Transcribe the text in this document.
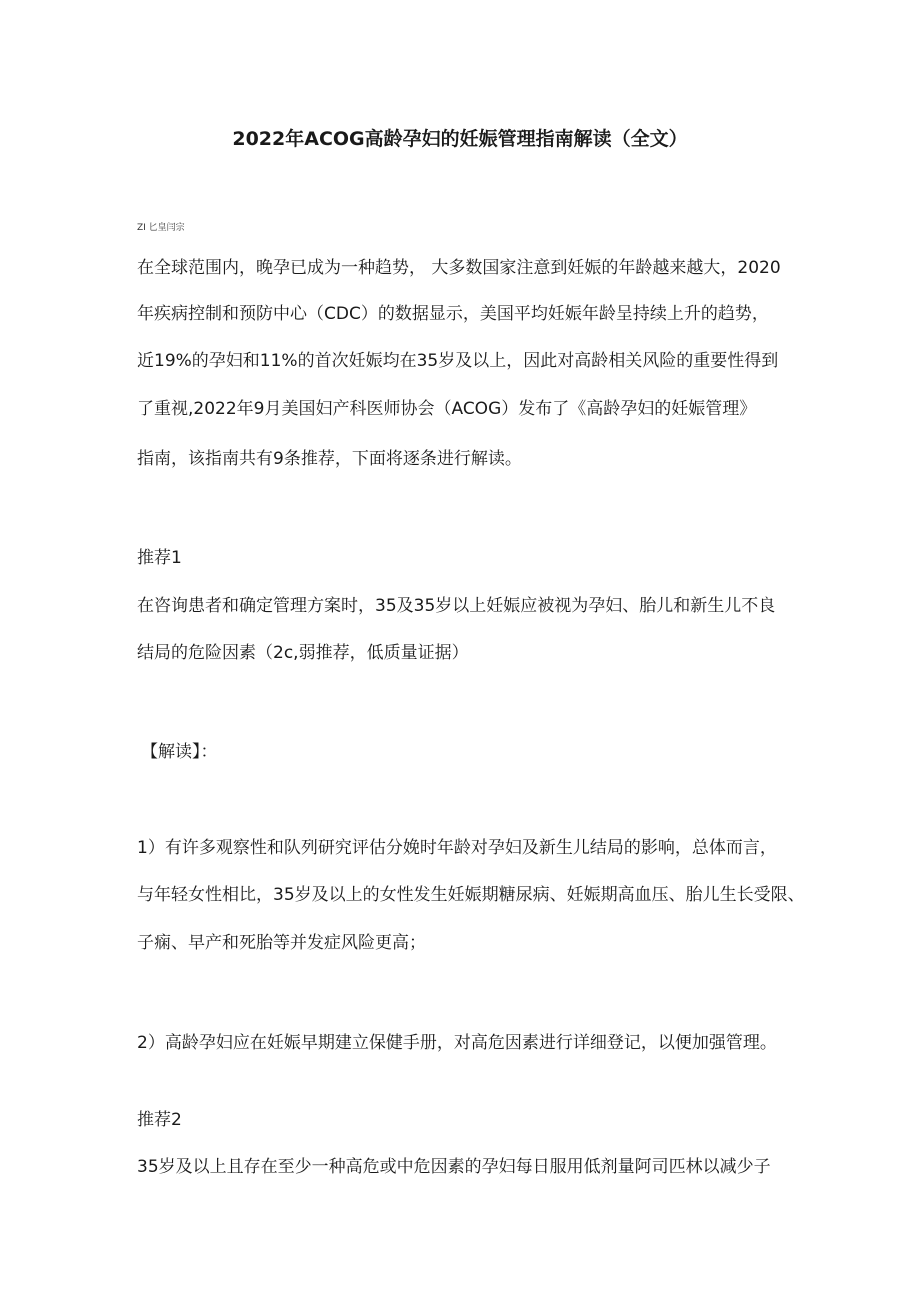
2022年ACOG高龄孕妇的妊娠管理指南解读（全文）
ZI 匕皇闫宗
在全球范围内，晚孕已成为一种趋势， 大多数国家注意到妊娠的年龄越来越大，2020
年疾病控制和预防中心（CDC）的数据显示，美国平均妊娠年龄呈持续上升的趋势，
近19%的孕妇和11%的首次妊娠均在35岁及以上，因此对高龄相关风险的重要性得到
了重视,2022年9月美国妇产科医师协会（ACOG）发布了《高龄孕妇的妊娠管理》
指南，该指南共有9条推荐，下面将逐条进行解读。
推荐1
在咨询患者和确定管理方案时，35及35岁以上妊娠应被视为孕妇、胎儿和新生儿不良
结局的危险因素（2c,弱推荐，低质量证据）
【解读】：
1）有许多观察性和队列研究评估分娩时年龄对孕妇及新生儿结局的影响，总体而言，
与年轻女性相比，35岁及以上的女性发生妊娠期糖尿病、妊娠期高血压、胎儿生长受限、
子痫、早产和死胎等并发症风险更高；
2）高龄孕妇应在妊娠早期建立保健手册，对高危因素进行详细登记，以便加强管理。
推荐2
35岁及以上且存在至少一种高危或中危因素的孕妇每日服用低剂量阿司匹林以减少子
